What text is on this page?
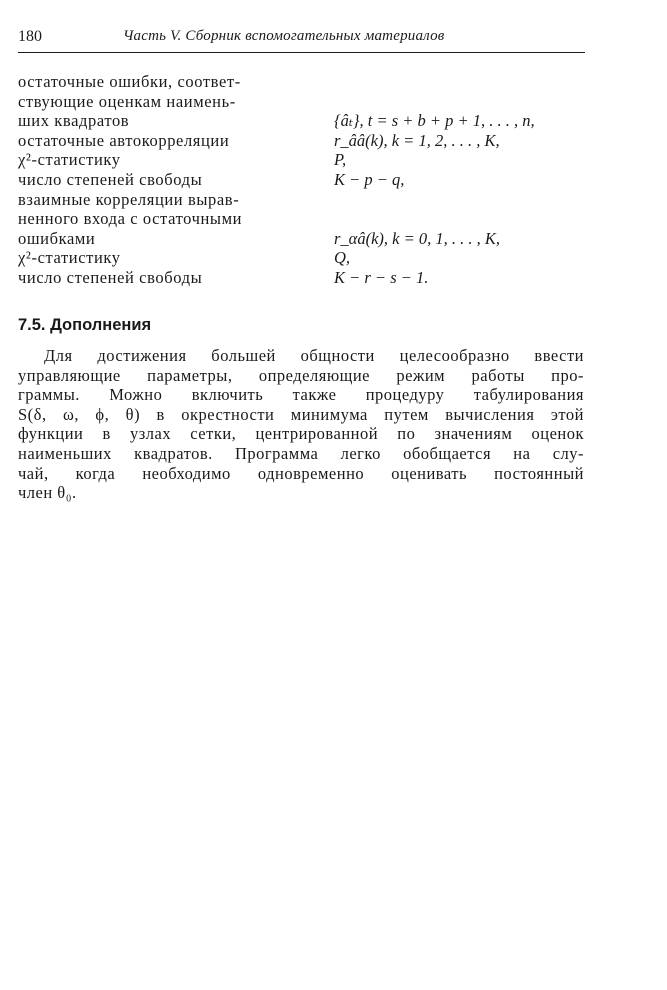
180	Часть V. Сборник вспомогательных материалов
остаточные ошибки, соответ-
ствующие оценкам наимень-
ших квадратов	{âₜ}, t = s + b + p + 1, . . . , n,
остаточные автокорреляции	r_ââ(k), k = 1, 2, . . . , K,
χ²-статистику	P,
число степеней свободы	K − p − q,
взаимные корреляции вырав-
ненного входа с остаточными
ошибками	r_αâ(k), k = 0, 1, . . . , K,
χ²-статистику	Q,
число степеней свободы	K − r − s − 1.
7.5. Дополнения
Для достижения большей общности целесообразно ввести
управляющие параметры, определяющие режим работы про-
граммы. Можно включить также процедуру табулирования
S(δ, ω, ϕ, θ) в окрестности минимума путем вычисления этой
функции в узлах сетки, центрированной по значениям оценок
наименьших квадратов. Программа легко обобщается на слу-
чай, когда необходимо одновременно оценивать постоянный
член θ₀.
